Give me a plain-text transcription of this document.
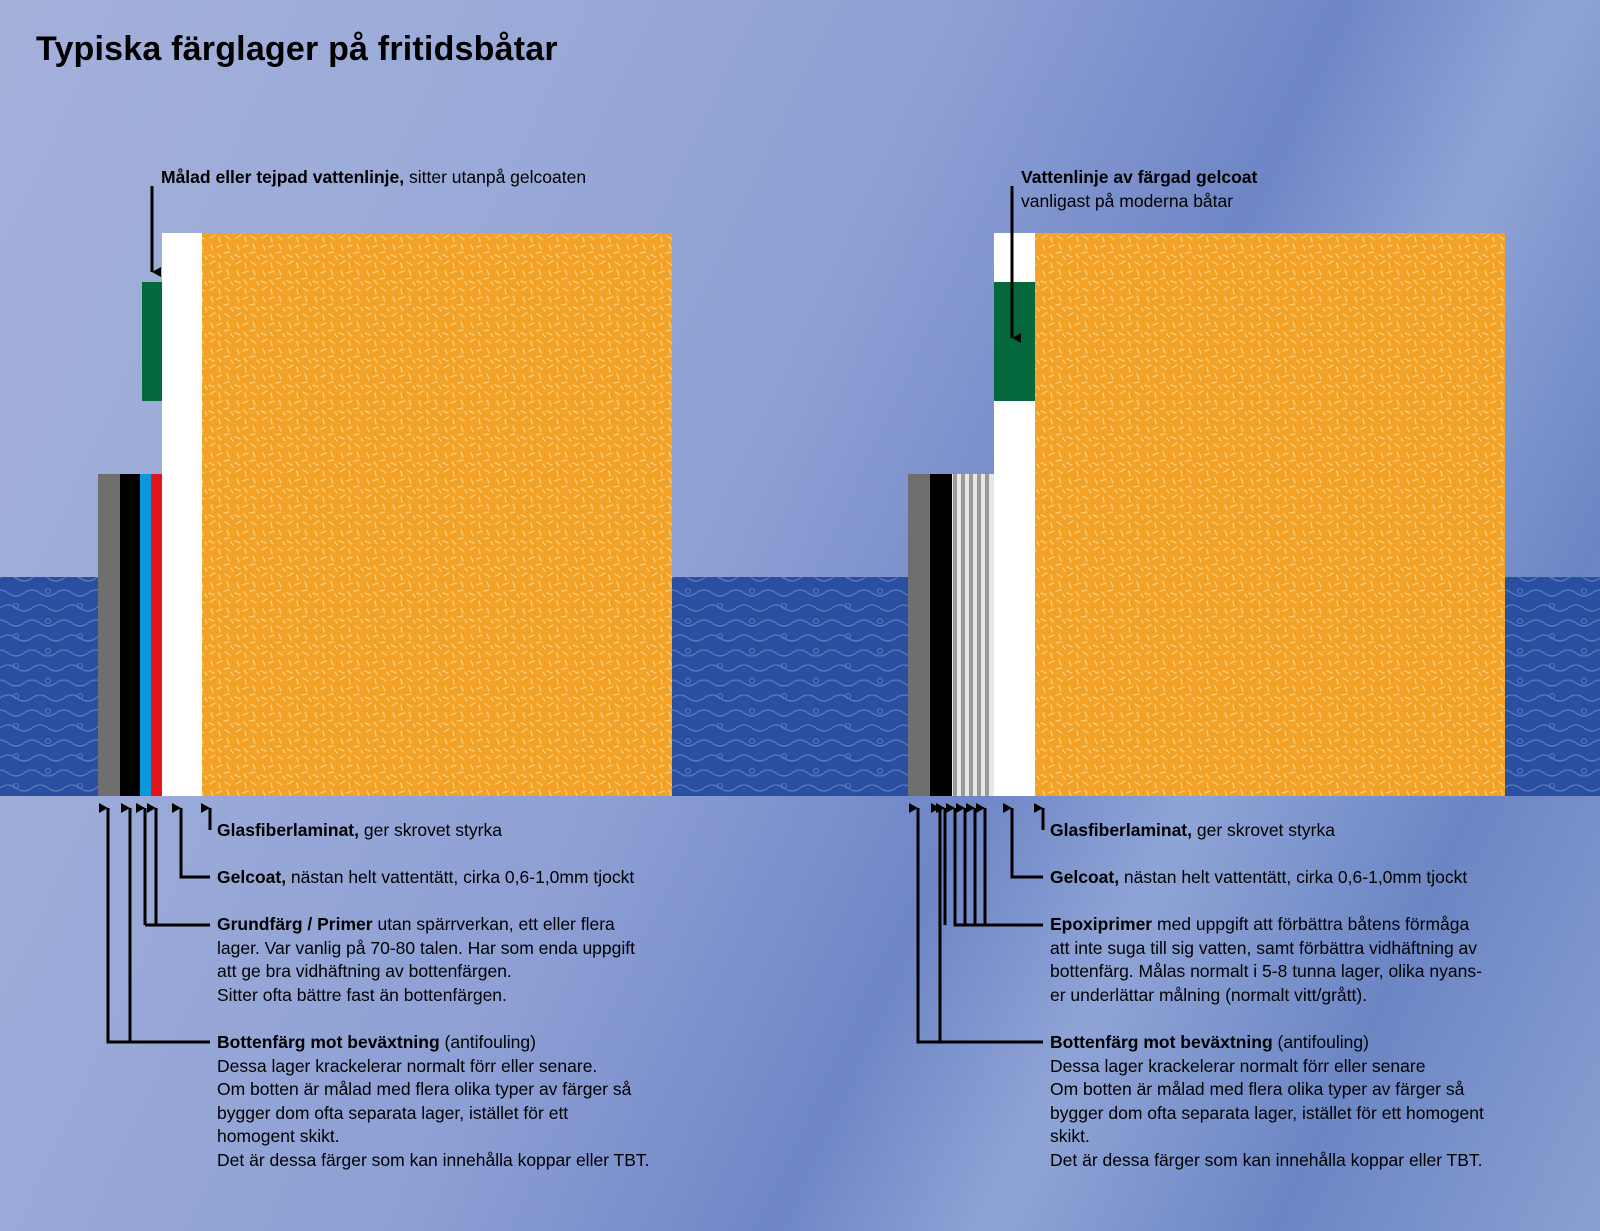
Typiska färglager på fritidsbåtar
Målad eller tejpad vattenlinje, sitter utanpå gelcoaten
Glasfiberlaminat, ger skrovet styrka
Gelcoat, nästan helt vattentätt, cirka 0,6-1,0mm tjockt
Grundfärg / Primer utan spärrverkan, ett eller flera
lager. Var vanlig på 70-80 talen. Har som enda uppgift
att ge bra vidhäftning av bottenfärgen.
Sitter ofta bättre fast än bottenfärgen.
Bottenfärg mot beväxtning (antifouling)
Dessa lager krackelerar normalt förr eller senare.
Om botten är målad med flera olika typer av färger så
bygger dom ofta separata lager, istället för ett
homogent skikt.
Det är dessa färger som kan innehålla koppar eller TBT.
Vattenlinje av färgad gelcoat
vanligast på moderna båtar
Glasfiberlaminat, ger skrovet styrka
Gelcoat, nästan helt vattentätt, cirka 0,6-1,0mm tjockt
Epoxiprimer med uppgift att förbättra båtens förmåga
att inte suga till sig vatten, samt förbättra vidhäftning av
bottenfärg. Målas normalt i 5-8 tunna lager, olika nyans-
er underlättar målning (normalt vitt/grått).
Bottenfärg mot beväxtning (antifouling)
Dessa lager krackelerar normalt förr eller senare
Om botten är målad med flera olika typer av färger så
bygger dom ofta separata lager, istället för ett homogent
skikt.
Det är dessa färger som kan innehålla koppar eller TBT.
